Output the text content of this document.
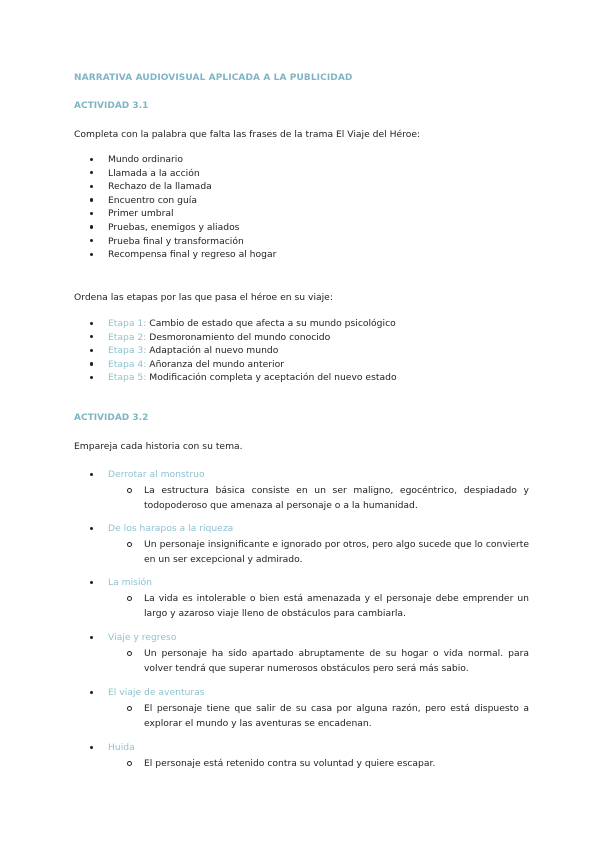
NARRATIVA AUDIOVISUAL APLICADA A LA PUBLICIDAD
ACTIVIDAD 3.1
Completa con la palabra que falta las frases de la trama El Viaje del Héroe:
Mundo ordinario
Llamada a la acción
Rechazo de la llamada
Encuentro con guía
Primer umbral
Pruebas, enemigos y aliados
Prueba final y transformación
Recompensa final y regreso al hogar
Ordena las etapas por las que pasa el héroe en su viaje:
Etapa 1: Cambio de estado que afecta a su mundo psicológico
Etapa 2: Desmoronamiento del mundo conocido
Etapa 3: Adaptación al nuevo mundo
Etapa 4: Añoranza del mundo anterior
Etapa 5: Modificación completa y aceptación del nuevo estado
ACTIVIDAD 3.2
Empareja cada historia con su tema.
Derrotar al monstruo
La estructura básica consiste en un ser maligno, egocéntrico, despiadado y todopoderoso que amenaza al personaje o a la humanidad.
De los harapos a la riqueza
Un personaje insignificante e ignorado por otros, pero algo sucede que lo convierte en un ser excepcional y admirado.
La misión
La vida es intolerable o bien está amenazada y el personaje debe emprender un largo y azaroso viaje lleno de obstáculos para cambiarla.
Viaje y regreso
Un personaje ha sido apartado abruptamente de su hogar o vida normal. para volver tendrá que superar numerosos obstáculos pero será más sabio.
El viaje de aventuras
El personaje tiene que salir de su casa por alguna razón, pero está dispuesto a explorar el mundo y las aventuras se encadenan.
Huida
El personaje está retenido contra su voluntad y quiere escapar.
